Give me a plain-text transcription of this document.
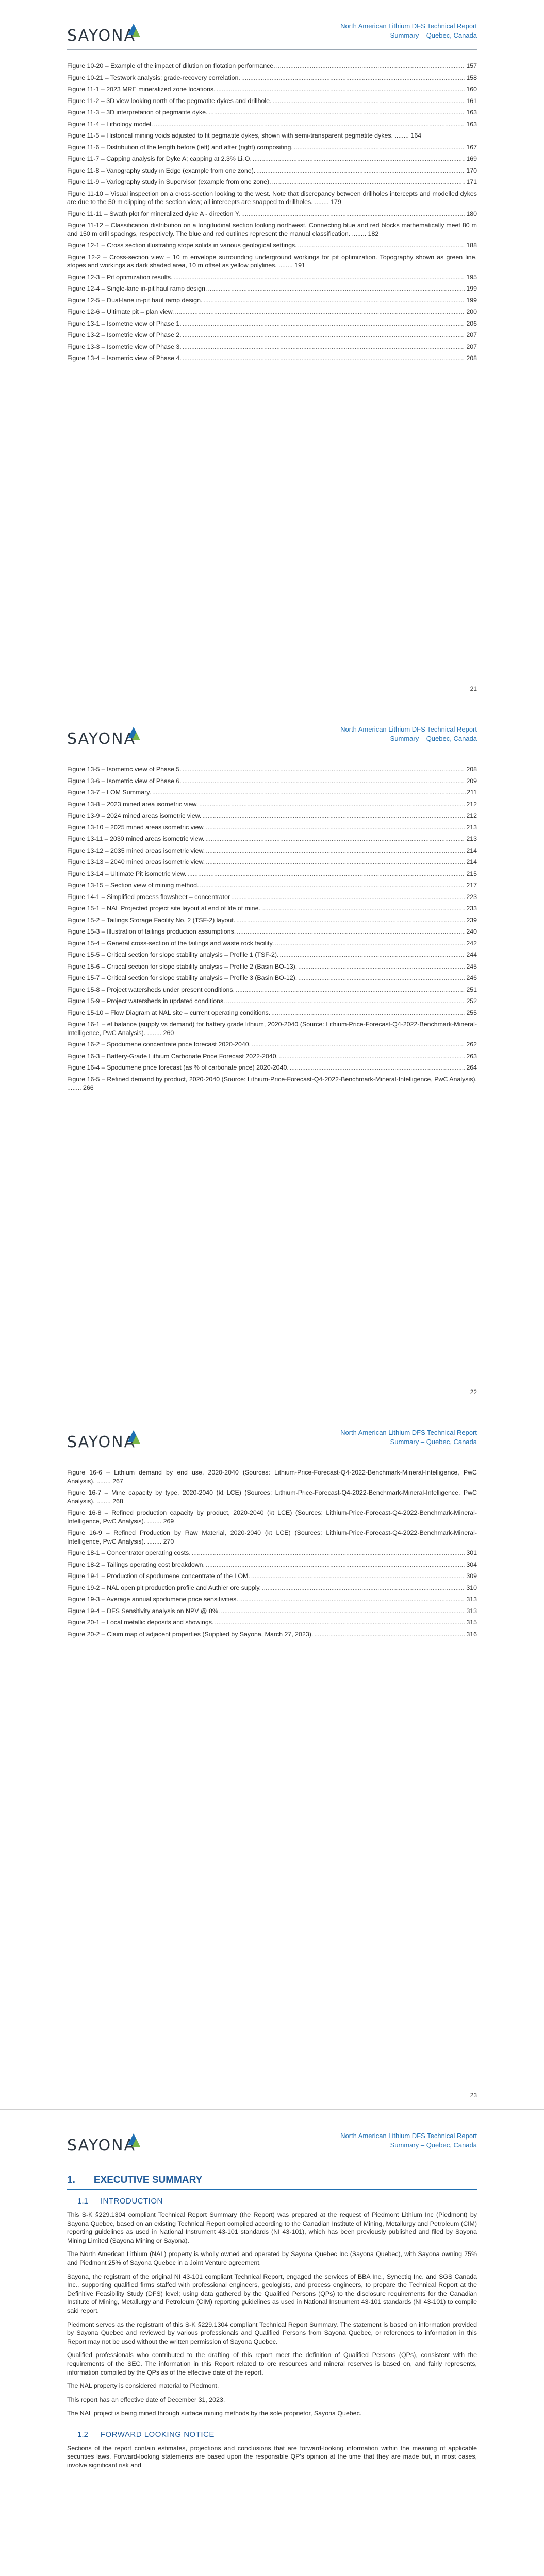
SAYONA
North American Lithium DFS Technical Report
Summary – Quebec, Canada
Figure 10-20 – Example of the impact of dilution on flotation performance. .....	157
Figure 10-21 – Testwork analysis: grade-recovery correlation. .....	158
Figure 11-1 – 2023 MRE mineralized zone locations. .....	160
Figure 11-2 – 3D view looking north of the pegmatite dykes and drillhole. .....	161
Figure 11-3 – 3D interpretation of pegmatite dyke. .....	163
Figure 11-4 – Lithology model. .....	163
Figure 11-5 – Historical mining voids adjusted to fit pegmatite dykes, shown with semi-transparent pegmatite dykes. ........ 164
Figure 11-6 – Distribution of the length before (left) and after (right) compositing. .....	167
Figure 11-7 – Capping analysis for Dyke A; capping at 2.3% Li₂O. .....	169
Figure 11-8 – Variography study in Edge (example from one zone). .....	170
Figure 11-9 – Variography study in Supervisor (example from one zone). .....	171
Figure 11-10 – Visual inspection on a cross-section looking to the west. Note that discrepancy between drillholes intercepts and modelled dykes are due to the 50 m clipping of the section view; all intercepts are snapped to drillholes. ........ 179
Figure 11-11 – Swath plot for mineralized dyke A - direction Y. .....	180
Figure 11-12 – Classification distribution on a longitudinal section looking northwest. Connecting blue and red blocks mathematically meet 80 m and 150 m drill spacings, respectively. The blue and red outlines represent the manual classification. ........ 182
Figure 12-1 – Cross section illustrating stope solids in various geological settings. .....	188
Figure 12-2 – Cross-section view – 10 m envelope surrounding underground workings for pit optimization. Topography shown as green line, stopes and workings as dark shaded area, 10 m offset as yellow polylines. ........ 191
Figure 12-3 – Pit optimization results. .....	195
Figure 12-4 – Single-lane in-pit haul ramp design. .....	199
Figure 12-5 – Dual-lane in-pit haul ramp design. .....	199
Figure 12-6 – Ultimate pit – plan view. .....	200
Figure 13-1 – Isometric view of Phase 1. .....	206
Figure 13-2 – Isometric view of Phase 2. .....	207
Figure 13-3 – Isometric view of Phase 3. .....	207
Figure 13-4 – Isometric view of Phase 4. .....	208
21
SAYONA
North American Lithium DFS Technical Report
Summary – Quebec, Canada
Figure 13-5 – Isometric view of Phase 5. .....	208
Figure 13-6 – Isometric view of Phase 6. .....	209
Figure 13-7 – LOM Summary. .....	211
Figure 13-8 – 2023 mined area isometric view. .....	212
Figure 13-9 – 2024 mined areas isometric view. .....	212
Figure 13-10 – 2025 mined areas isometric view. .....	213
Figure 13-11 – 2030 mined areas isometric view. .....	213
Figure 13-12 – 2035 mined areas isometric view. .....	214
Figure 13-13 – 2040 mined areas isometric view. .....	214
Figure 13-14 – Ultimate Pit isometric view. .....	215
Figure 13-15 – Section view of mining method. .....	217
Figure 14-1 – Simplified process flowsheet – concentrator .....	223
Figure 15-1 – NAL Projected project site layout at end of life of mine. .....	233
Figure 15-2 – Tailings Storage Facility No. 2 (TSF-2) layout. .....	239
Figure 15-3 – Illustration of tailings production assumptions. .....	240
Figure 15-4 – General cross-section of the tailings and waste rock facility. .....	242
Figure 15-5 – Critical section for slope stability analysis – Profile 1 (TSF-2). .....	244
Figure 15-6 – Critical section for slope stability analysis – Profile 2 (Basin BO-13). .....	245
Figure 15-7 – Critical section for slope stability analysis – Profile 3 (Basin BO-12). .....	246
Figure 15-8 – Project watersheds under present conditions. .....	251
Figure 15-9 – Project watersheds in updated conditions. .....	252
Figure 15-10 – Flow Diagram at NAL site – current operating conditions. .....	255
Figure 16-1 – et balance (supply vs demand) for battery grade lithium, 2020-2040 (Source: Lithium-Price-Forecast-Q4-2022-Benchmark-Mineral-Intelligence, PwC Analysis). ........ 260
Figure 16-2 – Spodumene concentrate price forecast 2020-2040. .....	262
Figure 16-3 – Battery-Grade Lithium Carbonate Price Forecast 2022-2040. .....	263
Figure 16-4 – Spodumene price forecast (as % of carbonate price) 2020-2040. .....	264
Figure 16-5 – Refined demand by product, 2020-2040 (Source: Lithium-Price-Forecast-Q4-2022-Benchmark-Mineral-Intelligence, PwC Analysis). ........ 266
22
SAYONA
North American Lithium DFS Technical Report
Summary – Quebec, Canada
Figure 16-6 – Lithium demand by end use, 2020-2040 (Sources: Lithium-Price-Forecast-Q4-2022-Benchmark-Mineral-Intelligence, PwC Analysis). ........ 267
Figure 16-7 – Mine capacity by type, 2020-2040 (kt LCE) (Sources: Lithium-Price-Forecast-Q4-2022-Benchmark-Mineral-Intelligence, PwC Analysis). ........ 268
Figure 16-8 – Refined production capacity by product, 2020-2040 (kt LCE) (Sources: Lithium-Price-Forecast-Q4-2022-Benchmark-Mineral-Intelligence, PwC Analysis). ........ 269
Figure 16-9 – Refined Production by Raw Material, 2020-2040 (kt LCE) (Sources: Lithium-Price-Forecast-Q4-2022-Benchmark-Mineral-Intelligence, PwC Analysis). ........ 270
Figure 18-1 – Concentrator operating costs. .....	301
Figure 18-2 – Tailings operating cost breakdown. .....	304
Figure 19-1 – Production of spodumene concentrate of the LOM. .....	309
Figure 19-2 – NAL open pit production profile and Authier ore supply. .....	310
Figure 19-3 – Average annual spodumene price sensitivities. .....	313
Figure 19-4 – DFS Sensitivity analysis on NPV @ 8%. .....	313
Figure 20-1 – Local metallic deposits and showings. .....	315
Figure 20-2 – Claim map of adjacent properties (Supplied by Sayona, March 27, 2023). .....	316
23
SAYONA
North American Lithium DFS Technical Report
Summary – Quebec, Canada
1. EXECUTIVE SUMMARY
1.1 INTRODUCTION

This S-K §229.1304 compliant Technical Report Summary (the Report) was prepared at the request of Piedmont Lithium Inc (Piedmont) by Sayona Quebec, based on an existing Technical Report compiled according to the Canadian Institute of Mining, Metallurgy and Petroleum (CIM) reporting guidelines as used in National Instrument 43-101 standards (NI 43-101), which has been previously published and filed by Sayona Mining Limited (Sayona Mining or Sayona).

The North American Lithium (NAL) property is wholly owned and operated by Sayona Quebec Inc (Sayona Quebec), with Sayona owning 75% and Piedmont 25% of Sayona Quebec in a Joint Venture agreement.

Sayona, the registrant of the original NI 43-101 compliant Technical Report, engaged the services of BBA Inc., Synectiq Inc. and SGS Canada Inc., supporting qualified firms staffed with professional engineers, geologists, and process engineers, to prepare the Technical Report at the Definitive Feasibility Study (DFS) level; using data gathered by the Qualified Persons (QPs) to the disclosure requirements for the Canadian Institute of Mining, Metallurgy and Petroleum (CIM) reporting guidelines as used in National Instrument 43-101 standards (NI 43-101) to compile said report.

Piedmont serves as the registrant of this S-K §229.1304 compliant Technical Report Summary. The statement is based on information provided by Sayona Quebec and reviewed by various professionals and Qualified Persons from Sayona Quebec, or references to information in this Report may not be used without the written permission of Sayona Quebec.

Qualified professionals who contributed to the drafting of this report meet the definition of Qualified Persons (QPs), consistent with the requirements of the SEC. The information in this Report related to ore resources and mineral reserves is based on, and fairly represents, information compiled by the QPs as of the effective date of the report.

The NAL property is considered material to Piedmont.

This report has an effective date of December 31, 2023.

The NAL project is being mined through surface mining methods by the sole proprietor, Sayona Quebec.

1.2 FORWARD LOOKING NOTICE

Sections of the report contain estimates, projections and conclusions that are forward-looking information within the meaning of applicable securities laws. Forward-looking statements are based upon the responsible QP's opinion at the time that they are made but, in most cases, involve significant risk and
